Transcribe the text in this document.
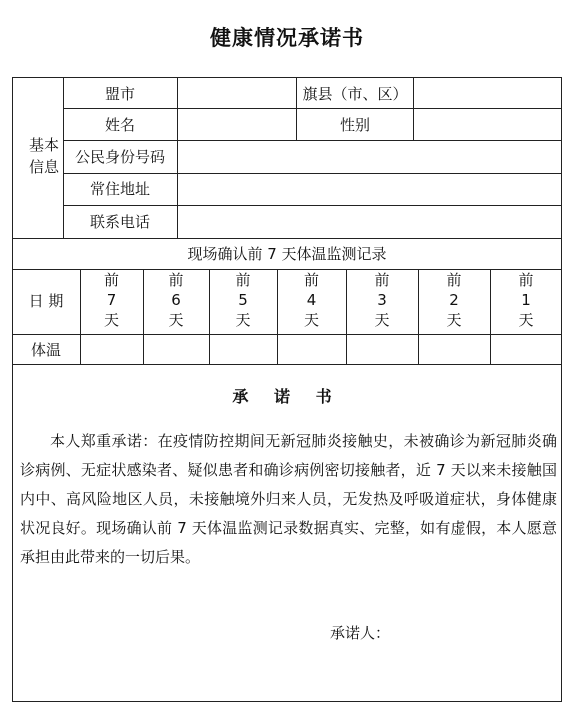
健康情况承诺书
基本信息
盟市	旗县（市、区）
姓名	性别
公民身份号码
常住地址
联系电话
现场确认前 7 天体温监测记录
日 期
前
7
天
前
6
天
前
5
天
前
4
天
前
3
天
前
2
天
前
1
天
体温
承 诺 书
本人郑重承诺：在疫情防控期间无新冠肺炎接触史，未被确诊为新冠肺炎确诊病例、无症状感染者、疑似患者和确诊病例密切接触者，近 7 天以来未接触国内中、高风险地区人员，未接触境外归来人员，无发热及呼吸道症状，身体健康状况良好。现场确认前 7 天体温监测记录数据真实、完整，如有虚假，本人愿意承担由此带来的一切后果。
承诺人：
